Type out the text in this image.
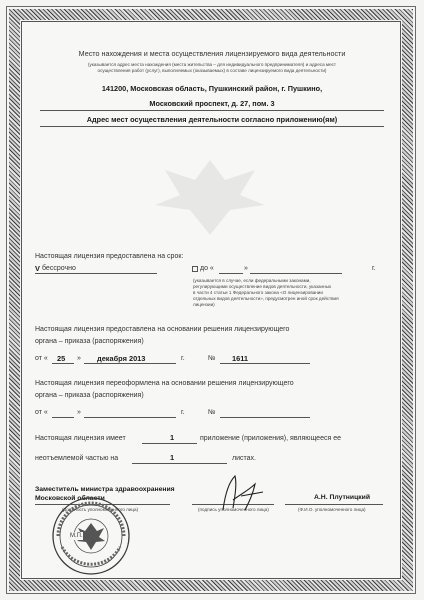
Место нахождения и места осуществления лицензируемого вида деятельности
(указывается адрес места нахождения (места жительства – для индивидуального предпринимателя) и адреса мест
осуществления работ (услуг), выполняемых (оказываемых) в составе лицензируемого вида деятельности)
141200, Московская область, Пушкинский район, г. Пушкино,
Московский проспект, д. 27, пом. 3
Адрес мест осуществления деятельности согласно приложению(ям)
Настоящая лицензия предоставлена на срок:
V бессрочно	до «	»	г.
(указывается в случае, если федеральными законами,
регулирующими осуществление видов деятельности, указанных
в части 4 статьи 1 Федерального закона «О лицензировании
отдельных видов деятельности», предусмотрен иной срок действия
лицензии)
Настоящая лицензия предоставлена на основании решения лицензирующего
органа – приказа (распоряжения)
от « 25 » декабря 2013	г.	№ 1611
Настоящая лицензия переоформлена на основании решения лицензирующего
органа – приказа (распоряжения)
от «	»	г.	№
Настоящая лицензия имеет	1	приложение (приложения), являющееся ее
неотъемлемой частью на	1	листах.
Заместитель министра здравоохранения
Московской области
(должность уполномоченного лица)	(подпись уполномоченного лица)
А.Н. Плутницкий
(Ф.И.О. уполномоченного лица)
М.П.
